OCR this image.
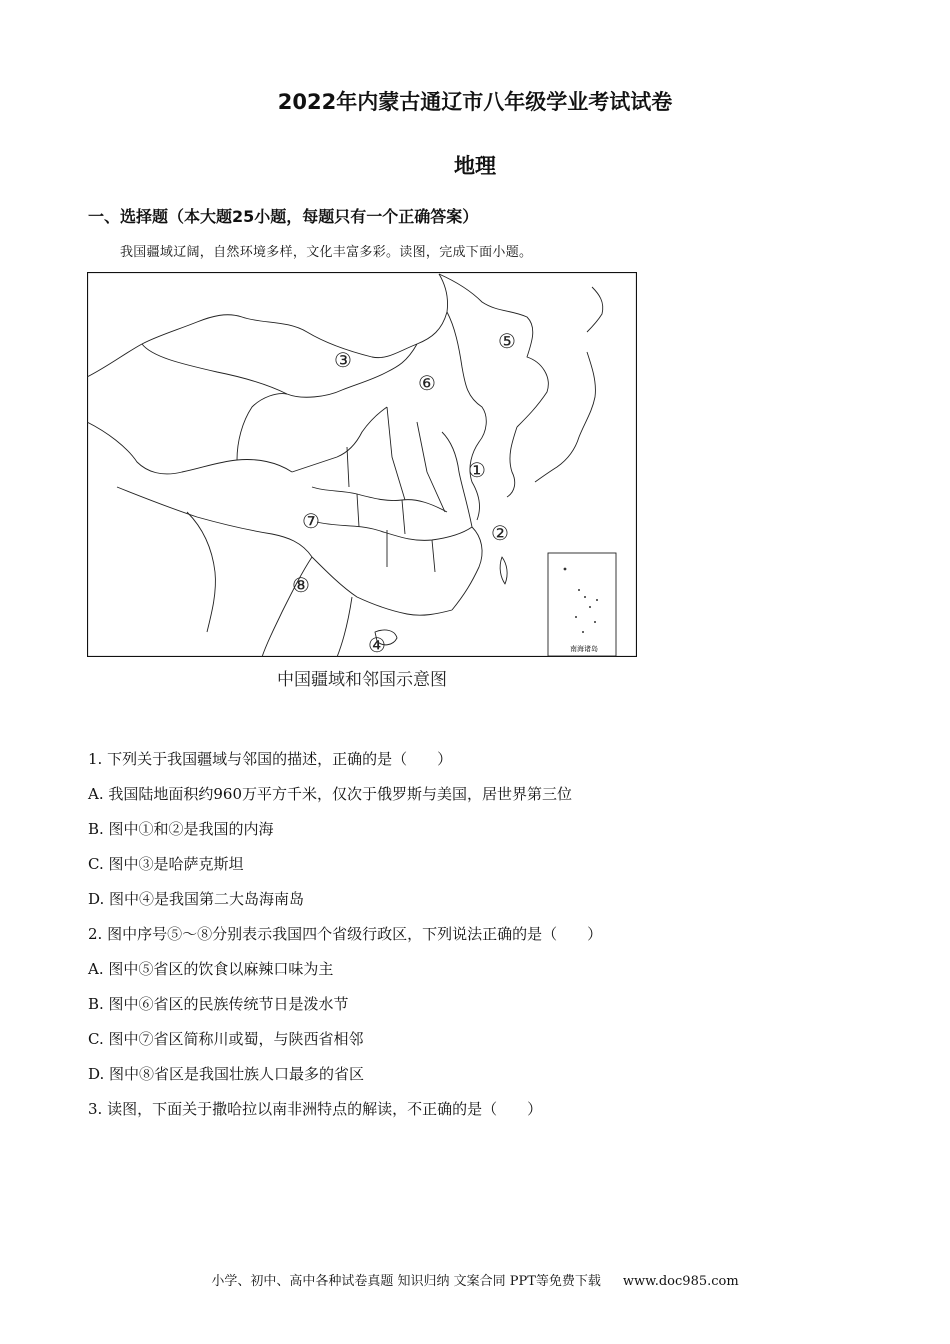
2022年内蒙古通辽市八年级学业考试试卷
地理
一、选择题（本大题25小题，每题只有一个正确答案）
我国疆域辽阔，自然环境多样，文化丰富多彩。读图，完成下面小题。
南海诸岛
①
②
③
④
⑤
⑥
⑦
⑧
中国疆域和邻国示意图
1. 下列关于我国疆域与邻国的描述，正确的是（　　）
A. 我国陆地面积约960万平方千米，仅次于俄罗斯与美国，居世界第三位
B. 图中①和②是我国的内海
C. 图中③是哈萨克斯坦
D. 图中④是我国第二大岛海南岛
2. 图中序号⑤～⑧分别表示我国四个省级行政区，下列说法正确的是（　　）
A. 图中⑤省区的饮食以麻辣口味为主
B. 图中⑥省区的民族传统节日是泼水节
C. 图中⑦省区简称川或蜀，与陕西省相邻
D. 图中⑧省区是我国壮族人口最多的省区
3. 读图，下面关于撒哈拉以南非洲特点的解读，不正确的是（　　）
小学、初中、高中各种试卷真题 知识归纳 文案合同 PPT等免费下载 www.doc985.com
